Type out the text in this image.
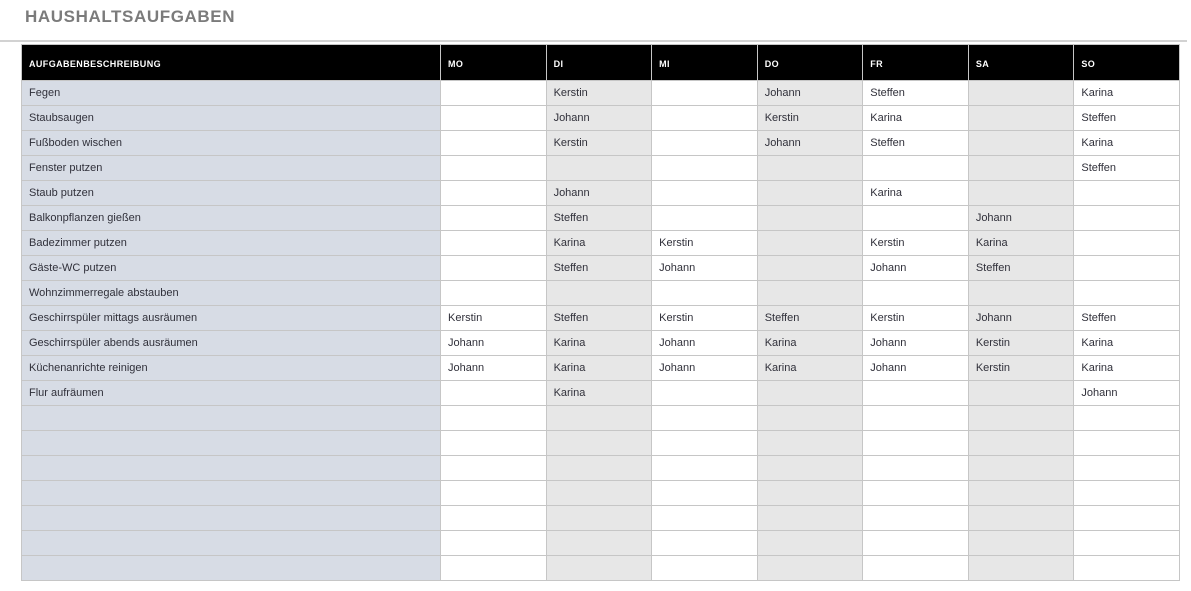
HAUSHALTSAUFGABEN
AUFGABENBESCHREIBUNG	MO	DI	MI	DO	FR	SA	SO
Fegen		Kerstin		Johann	Steffen		Karina
Staubsaugen		Johann		Kerstin	Karina		Steffen
Fußboden wischen		Kerstin		Johann	Steffen		Karina
Fenster putzen							Steffen
Staub putzen		Johann			Karina		
Balkonpflanzen gießen		Steffen				Johann	
Badezimmer putzen		Karina	Kerstin		Kerstin	Karina	
Gäste-WC putzen		Steffen	Johann		Johann	Steffen	
Wohnzimmerregale abstauben							
Geschirrspüler mittags ausräumen	Kerstin	Steffen	Kerstin	Steffen	Kerstin	Johann	Steffen
Geschirrspüler abends ausräumen	Johann	Karina	Johann	Karina	Johann	Kerstin	Karina
Küchenanrichte reinigen	Johann	Karina	Johann	Karina	Johann	Kerstin	Karina
Flur aufräumen		Karina					Johann
